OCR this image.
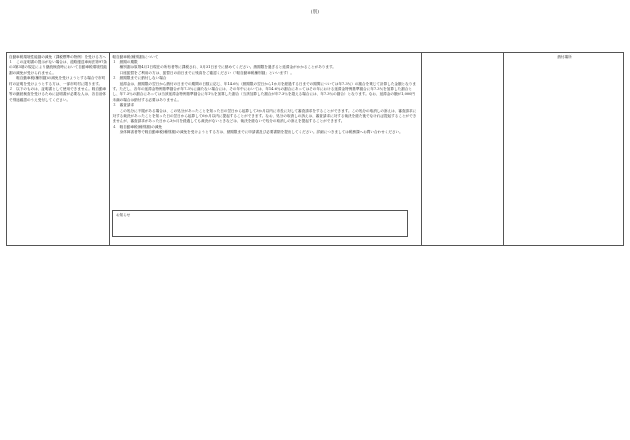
(別)

自動車税環境性能割の減免（課税標準の特例）を受ける方へ
１　この証明書の提示がない場合は、道路運送車両法第97条の3第3項の規定により継続検査時において自動車税環境性能割の減免が受けられません。
　　軽自動車税(種別割)の減免を受けようとする場合で市町村の証明を受けようとする方は、一部市町村に限ります。
２　以下のものは、証明書として使用できません。軽自動車等の継続検査を受けるために証明書が必要な人は、各自治体で別途確認のうえ受付してください。

軽自動車税(種別割)について

１　納期の期限

　　種別割は原則4月1日現在の所有者等に課税され、5月31日までに納めてください。納期限を過ぎると延滞金がかかることがあります。

　　口座振替をご利用の方は、振替日の前日までに残高をご確認ください（「軽自動車税種別割」といいます）。

２　納期限までに納付しない場合

　　延滞金は、納期限の翌日から納付の日までの期間の日数に応じ、年14.6％（納期限の翌日から1か月を経過する日までの期間については年7.3％）の割合を乗じて計算した金額となります。ただし、各年の延滞金特例基準割合が年7.3％に満たない場合には、その年中においては、年14.6％の割合にあってはその年における延滞金特例基準割合に年7.3％を加算した割合とし、年7.3％の割合にあっては当該延滞金特例基準割合に年1％を加算した割合（当該加算した割合が年7.3％を超える場合には、年7.3％の割合）となります。なお、延滞金の額が1,000円未満の場合は納付する必要はありません。

３　審査請求

　　この処分に不服がある場合は、この処分があったことを知った日の翌日から起算して3か月以内に市長に対して審査請求をすることができます。この処分の取消しの訴えは、審査請求に対する裁決があったことを知った日の翌日から起算して6か月以内に提起することができます。なお、処分の取消しの訴えは、審査請求に対する裁決を経た後でなければ提起することができませんが、審査請求があった日から3か月を経過しても裁決がないときなどは、裁決を経ないで処分の取消しの訴えを提起することができます。

４　軽自動車税(種別割)の減免

　　身体障害者等で軽自動車税(種別割)の減免を受けようとする方は、納期限までに申請書及び必要書類を提出してください。詳細につきましては税務課へお問い合わせください。

納付場所
お知らせ
